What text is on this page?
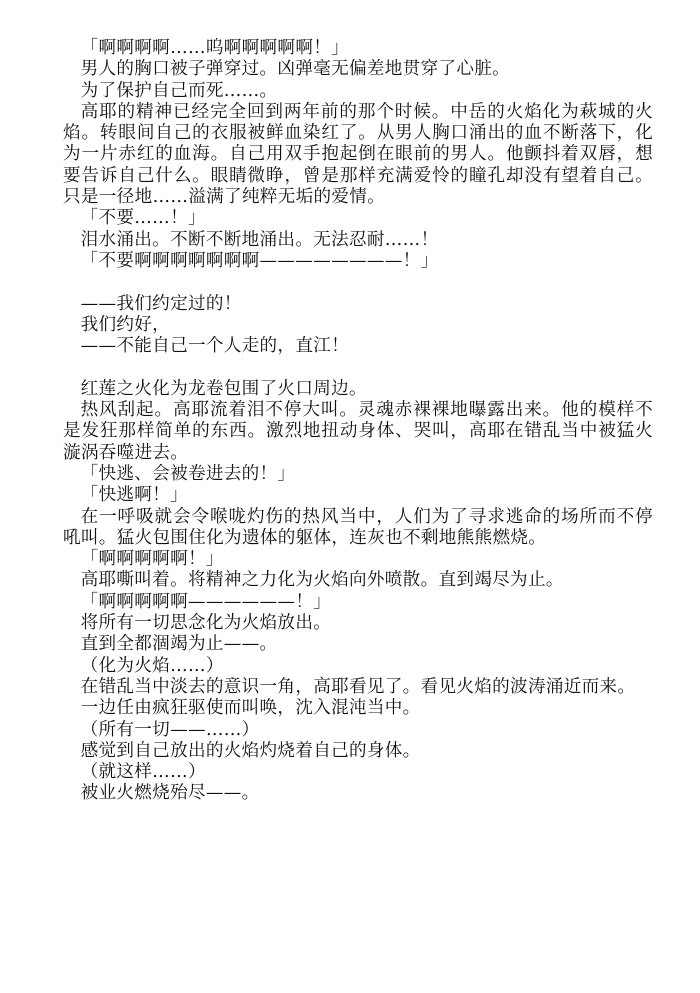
「啊啊啊啊……呜啊啊啊啊啊！」

男人的胸口被子弹穿过。凶弹毫无偏差地贯穿了心脏。

为了保护自己而死……。

高耶的精神已经完全回到两年前的那个时候。中岳的火焰化为萩城的火焰。转眼间自己的衣服被鲜血染红了。从男人胸口涌出的血不断落下，化为一片赤红的血海。自己用双手抱起倒在眼前的男人。他颤抖着双唇，想要告诉自己什么。眼睛微睁，曾是那样充满爱怜的瞳孔却没有望着自己。只是一径地……溢满了纯粹无垢的爱情。

「不要……！」

泪水涌出。不断不断地涌出。无法忍耐……！

「不要啊啊啊啊啊啊啊————————！」

——我们约定过的！

我们约好，

——不能自己一个人走的，直江！

红莲之火化为龙卷包围了火口周边。

热风刮起。高耶流着泪不停大叫。灵魂赤裸裸地曝露出来。他的模样不是发狂那样简单的东西。激烈地扭动身体、哭叫，高耶在错乱当中被猛火漩涡吞噬进去。

「快逃、会被卷进去的！」

「快逃啊！」

在一呼吸就会令喉咙灼伤的热风当中，人们为了寻求逃命的场所而不停吼叫。猛火包围住化为遗体的躯体，连灰也不剩地熊熊燃烧。

「啊啊啊啊啊！」

高耶嘶叫着。将精神之力化为火焰向外喷散。直到竭尽为止。

「啊啊啊啊啊——————！」

将所有一切思念化为火焰放出。

直到全都涸竭为止——。

（化为火焰……）

在错乱当中淡去的意识一角，高耶看见了。看见火焰的波涛涌近而来。

一边任由疯狂驱使而叫唤，沈入混沌当中。

（所有一切——……）

感觉到自己放出的火焰灼烧着自己的身体。

（就这样……）

被业火燃烧殆尽——。
